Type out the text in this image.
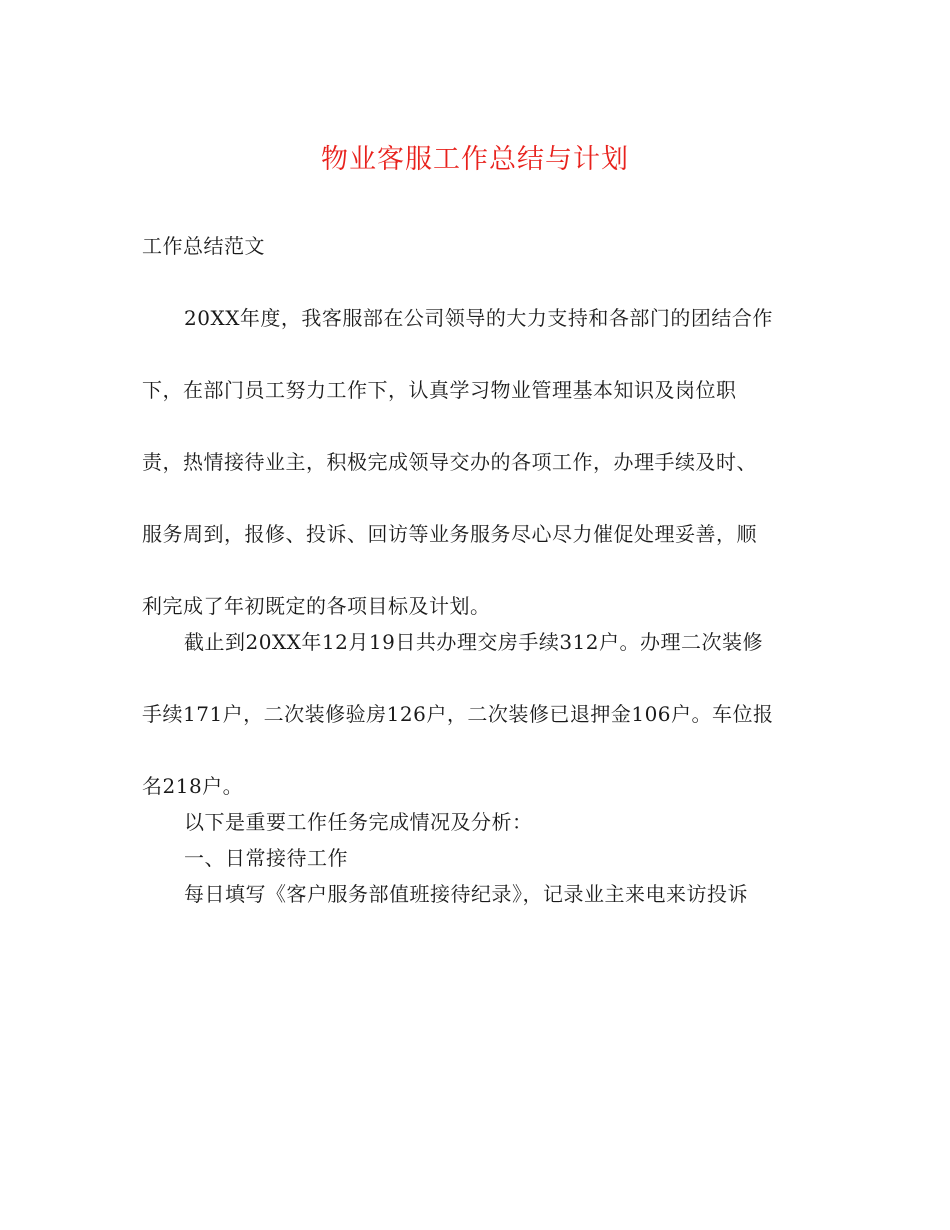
物业客服工作总结与计划
工作总结范文
20XX年度，我客服部在公司领导的大力支持和各部门的团结合作
下，在部门员工努力工作下，认真学习物业管理基本知识及岗位职
责，热情接待业主，积极完成领导交办的各项工作，办理手续及时、
服务周到，报修、投诉、回访等业务服务尽心尽力催促处理妥善，顺
利完成了年初既定的各项目标及计划。
截止到20XX年12月19日共办理交房手续312户。办理二次装修
手续171户，二次装修验房126户，二次装修已退押金106户。车位报
名218户。
以下是重要工作任务完成情况及分析：
一、日常接待工作
每日填写《客户服务部值班接待纪录》，记录业主来电来访投诉
